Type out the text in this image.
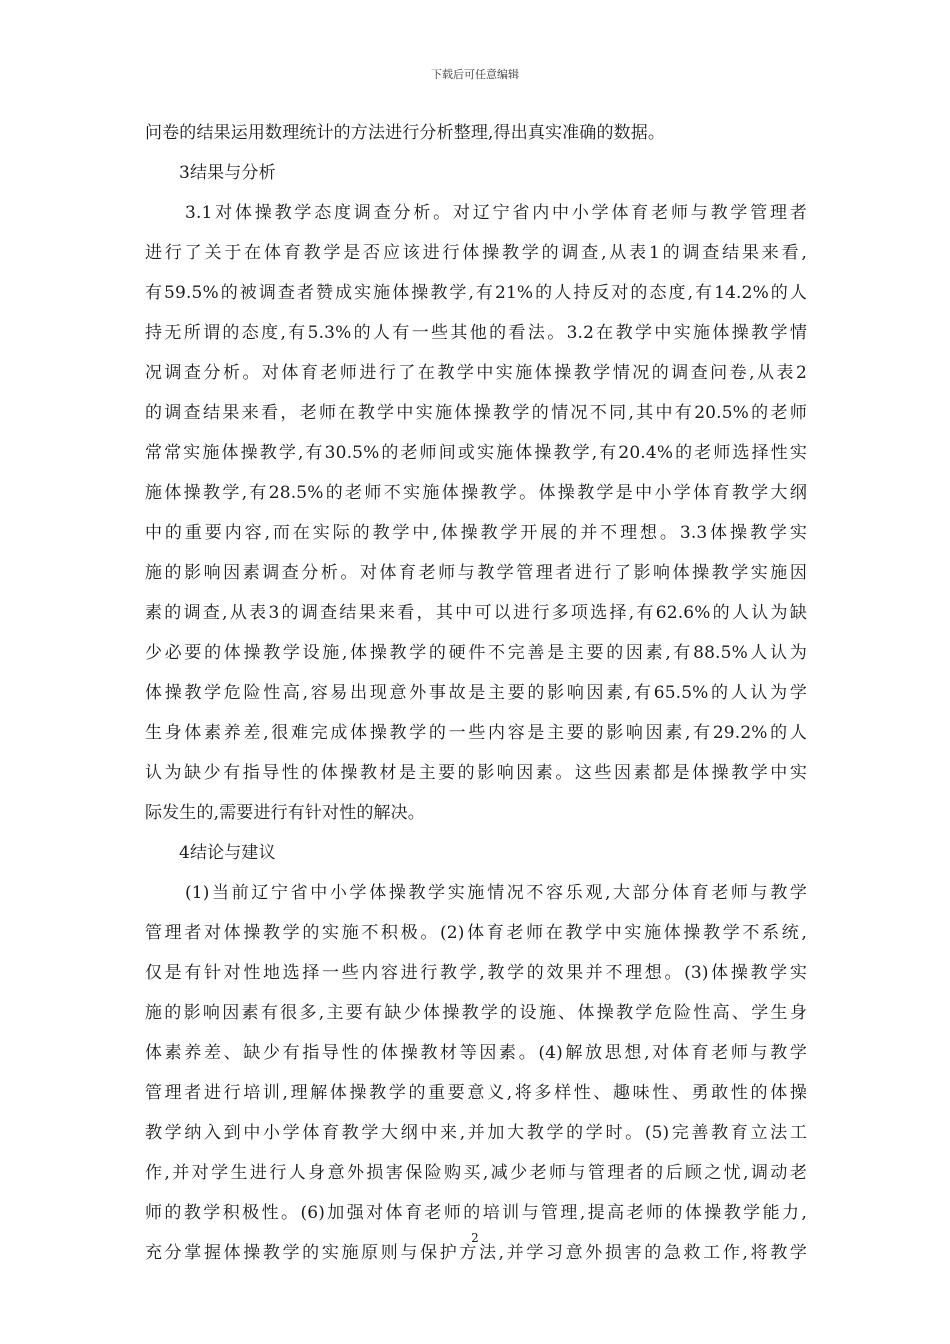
下载后可任意编辑
问卷的结果运用数理统计的方法进行分析整理,得出真实准确的数据。
3结果与分析
3.1对体操教学态度调查分析。对辽宁省内中小学体育老师与教学管理者
进行了关于在体育教学是否应该进行体操教学的调查,从表1的调查结果来看,
有59.5%的被调查者赞成实施体操教学,有21%的人持反对的态度,有14.2%的人
持无所谓的态度,有5.3%的人有一些其他的看法。3.2在教学中实施体操教学情
况调查分析。对体育老师进行了在教学中实施体操教学情况的调查问卷,从表2
的调查结果来看，老师在教学中实施体操教学的情况不同,其中有20.5%的老师
常常实施体操教学,有30.5%的老师间或实施体操教学,有20.4%的老师选择性实
施体操教学,有28.5%的老师不实施体操教学。体操教学是中小学体育教学大纲
中的重要内容,而在实际的教学中,体操教学开展的并不理想。3.3体操教学实
施的影响因素调查分析。对体育老师与教学管理者进行了影响体操教学实施因
素的调查,从表3的调查结果来看，其中可以进行多项选择,有62.6%的人认为缺
少必要的体操教学设施,体操教学的硬件不完善是主要的因素,有88.5%人认为
体操教学危险性高,容易出现意外事故是主要的影响因素,有65.5%的人认为学
生身体素养差,很难完成体操教学的一些内容是主要的影响因素,有29.2%的人
认为缺少有指导性的体操教材是主要的影响因素。这些因素都是体操教学中实
际发生的,需要进行有针对性的解决。
4结论与建议
(1)当前辽宁省中小学体操教学实施情况不容乐观,大部分体育老师与教学
管理者对体操教学的实施不积极。(2)体育老师在教学中实施体操教学不系统,
仅是有针对性地选择一些内容进行教学,教学的效果并不理想。(3)体操教学实
施的影响因素有很多,主要有缺少体操教学的设施、体操教学危险性高、学生身
体素养差、缺少有指导性的体操教材等因素。(4)解放思想,对体育老师与教学
管理者进行培训,理解体操教学的重要意义,将多样性、趣味性、勇敢性的体操
教学纳入到中小学体育教学大纲中来,并加大教学的学时。(5)完善教育立法工
作,并对学生进行人身意外损害保险购买,减少老师与管理者的后顾之忧,调动老
师的教学积极性。(6)加强对体育老师的培训与管理,提高老师的体操教学能力,
充分掌握体操教学的实施原则与保护方法,并学习意外损害的急救工作,将教学
2
